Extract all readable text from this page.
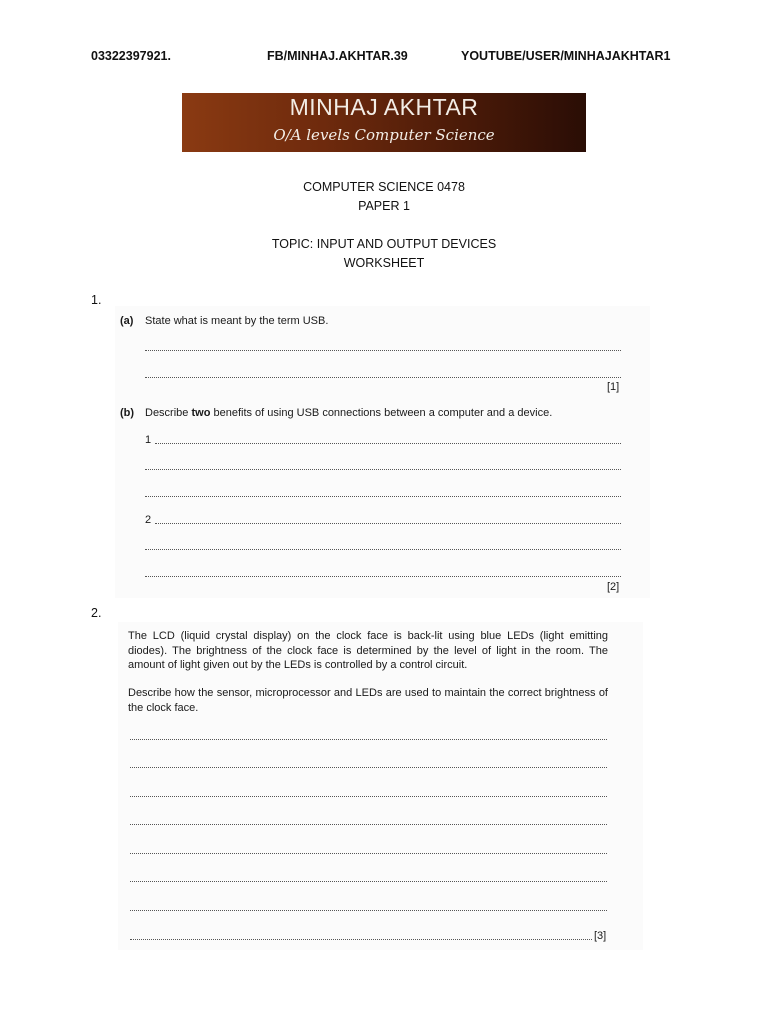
03322397921.	FB/MINHAJ.AKHTAR.39	YOUTUBE/USER/MINHAJAKHTAR1
MINHAJ AKHTAR
O/A levels Computer Science
COMPUTER SCIENCE 0478
PAPER 1
TOPIC: INPUT AND OUTPUT DEVICES
WORKSHEET
1.
(a) State what is meant by the term USB.
[1]
(b) Describe two benefits of using USB connections between a computer and a device.
1
2
[2]
2.
The LCD (liquid crystal display) on the clock face is back-lit using blue LEDs (light emitting diodes). The brightness of the clock face is determined by the level of light in the room. The amount of light given out by the LEDs is controlled by a control circuit.
Describe how the sensor, microprocessor and LEDs are used to maintain the correct brightness of the clock face.
[3]
